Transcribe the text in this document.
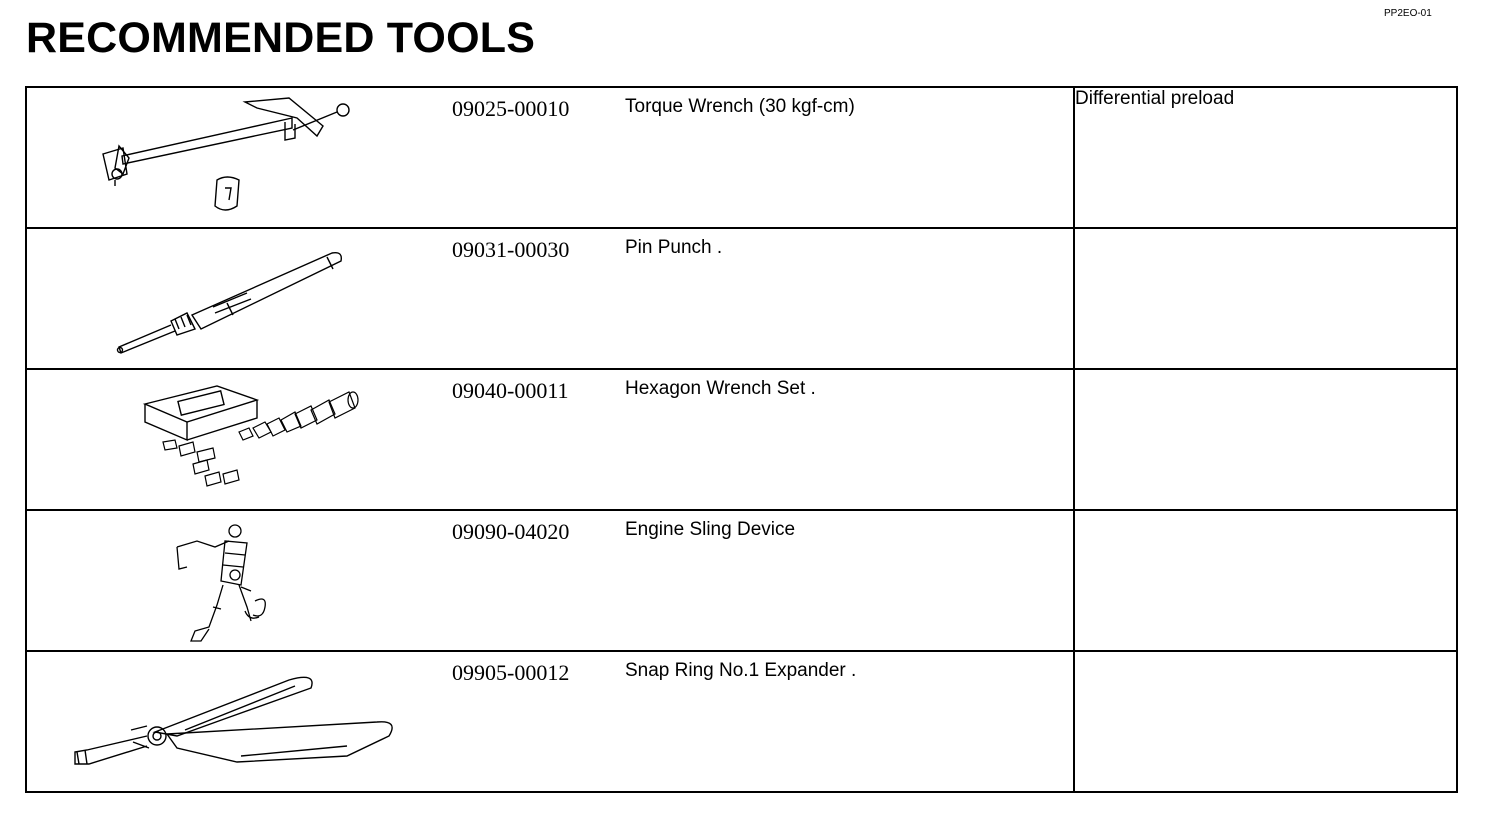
RECOMMENDED TOOLS
PP2EO-01
09025-00010 Torque Wrench (30 kgf-cm)	Differential preload

09031-00030 Pin Punch .	

09040-00011 Hexagon Wrench Set .	

09090-04020 Engine Sling Device	

09905-00012 Snap Ring No.1 Expander .	
